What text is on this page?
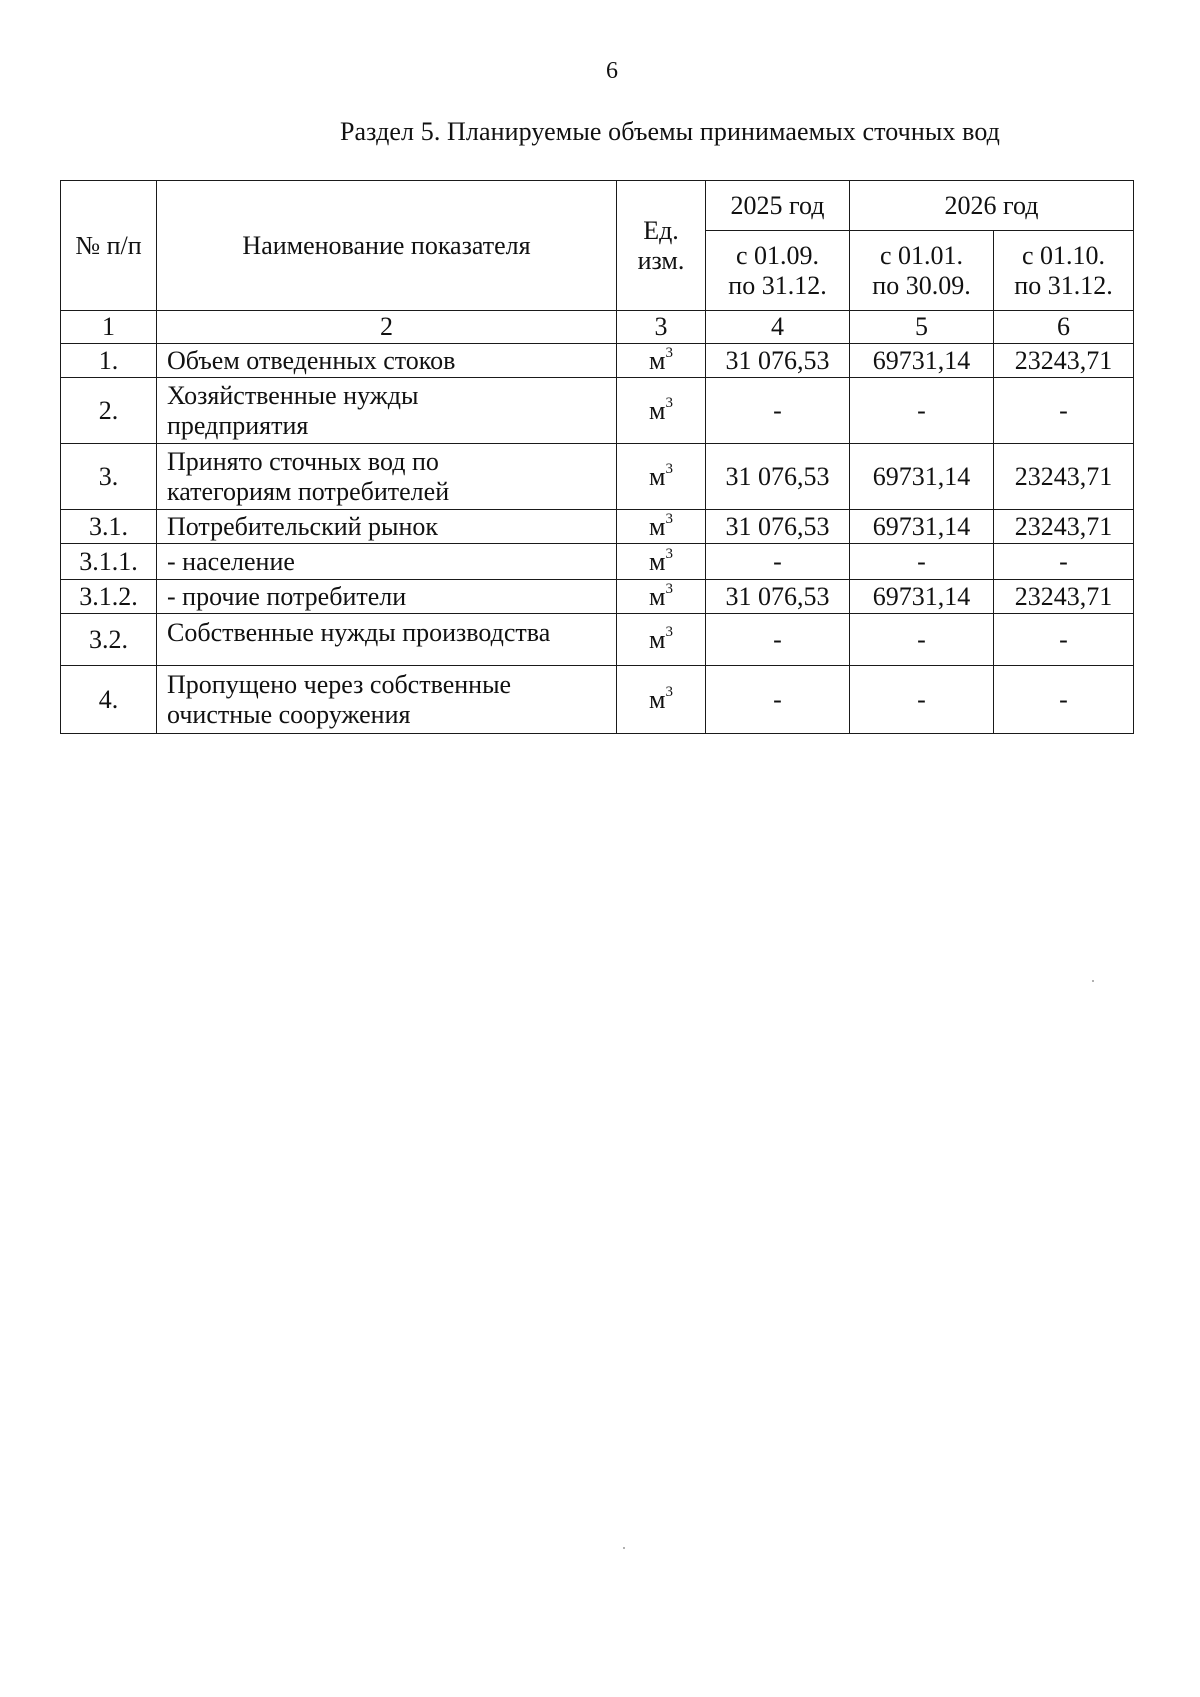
6
Раздел 5. Планируемые объемы принимаемых сточных вод
№ п/п	Наименование показателя	Ед. изм.	2025 год	2026 год	

			с 01.09. по 31.12.	с 01.01. по 30.09.	с 01.10. по 31.12.

1	2	3	4	5	6
1.	Объем отведенных стоков	$м^3$	31 076,53	69731,14	23243,71
2.	Хозяйственные нужды предприятия	$м^3$	-	-	-
3.	Принято сточных вод по категориям потребителей	$м^3$	31 076,53	69731,14	23243,71
3.1.	Потребительский рынок	$м^3$	31 076,53	69731,14	23243,71
3.1.1.	- население	$м^3$	-	-	-
3.1.2.	- прочие потребители	$м^3$	31 076,53	69731,14	23243,71
3.2.	Собственные нужды производства	$м^3$	-	-	-
4.	Пропущено через собственные очистные сооружения	$м^3$	-	-	-
